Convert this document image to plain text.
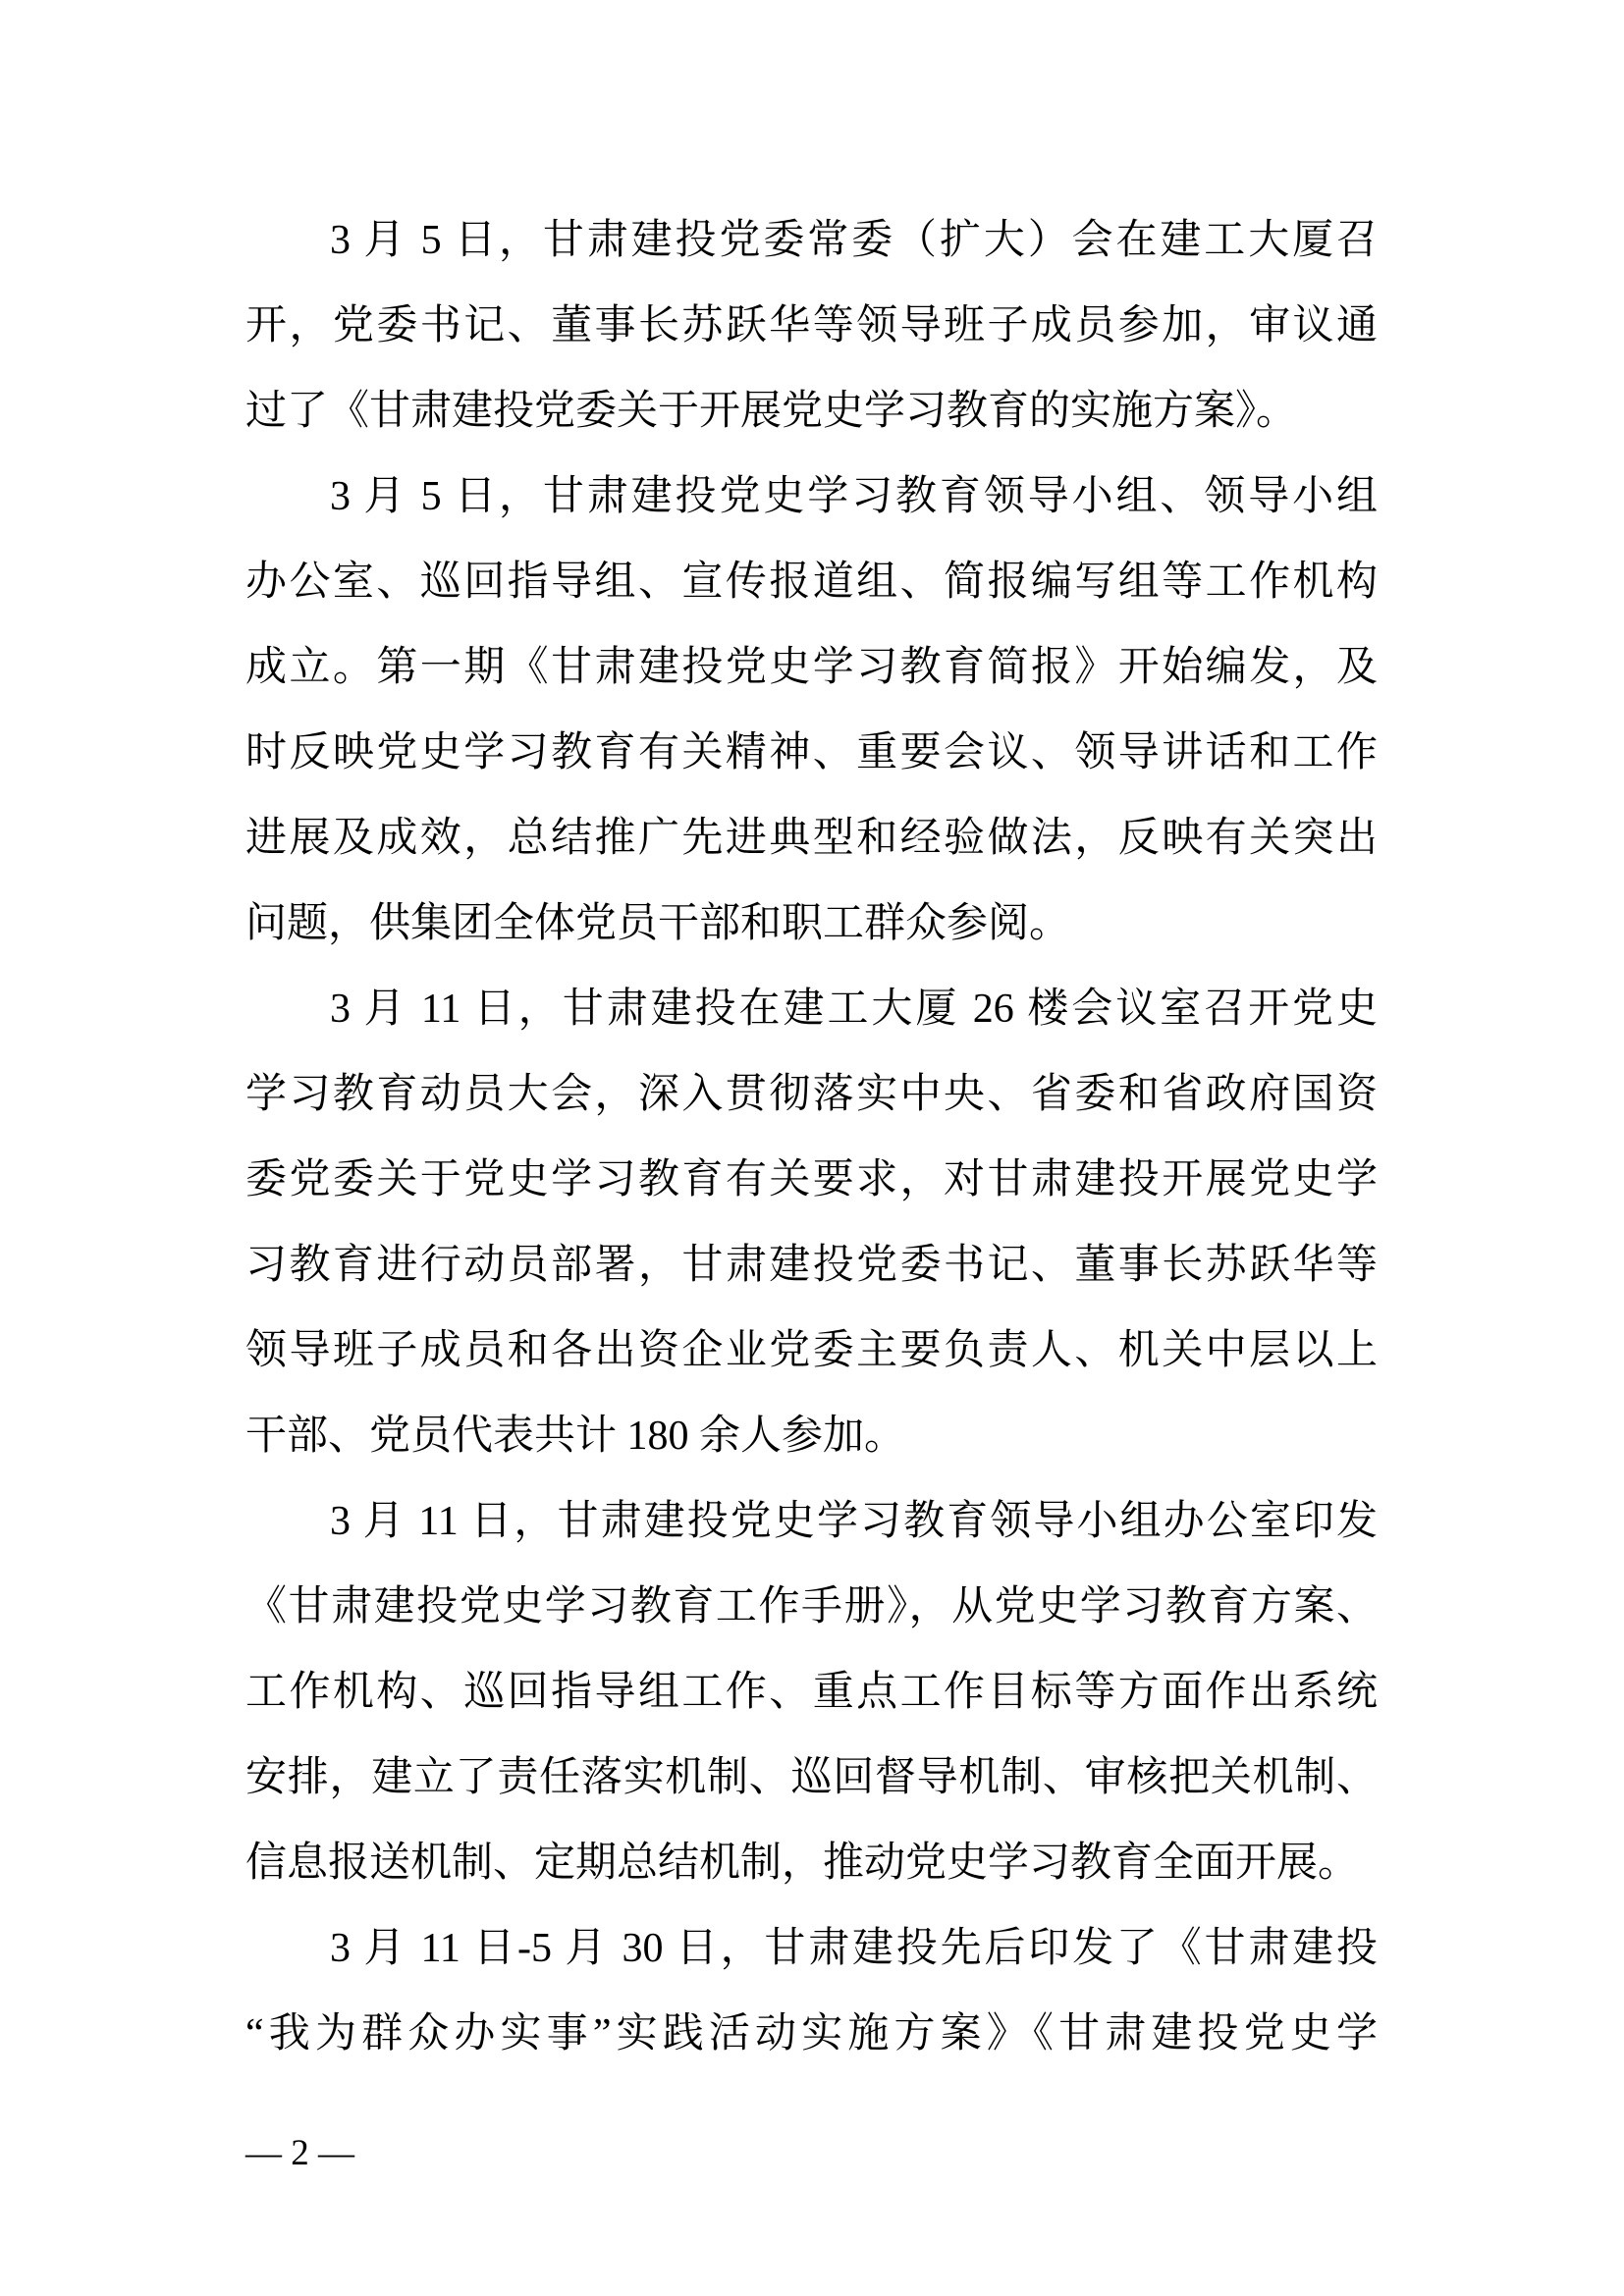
3 月 5 日，甘肃建投党委常委（扩大）会在建工大厦召
开，党委书记、董事长苏跃华等领导班子成员参加，审议通
过了《甘肃建投党委关于开展党史学习教育的实施方案》。
3 月 5 日，甘肃建投党史学习教育领导小组、领导小组
办公室、巡回指导组、宣传报道组、简报编写组等工作机构
成立。第一期《甘肃建投党史学习教育简报》开始编发，及
时反映党史学习教育有关精神、重要会议、领导讲话和工作
进展及成效，总结推广先进典型和经验做法，反映有关突出
问题，供集团全体党员干部和职工群众参阅。
3 月 11 日，甘肃建投在建工大厦 26 楼会议室召开党史
学习教育动员大会，深入贯彻落实中央、省委和省政府国资
委党委关于党史学习教育有关要求，对甘肃建投开展党史学
习教育进行动员部署，甘肃建投党委书记、董事长苏跃华等
领导班子成员和各出资企业党委主要负责人、机关中层以上
干部、党员代表共计 180 余人参加。
3 月 11 日，甘肃建投党史学习教育领导小组办公室印发
《甘肃建投党史学习教育工作手册》，从党史学习教育方案、
工作机构、巡回指导组工作、重点工作目标等方面作出系统
安排，建立了责任落实机制、巡回督导机制、审核把关机制、
信息报送机制、定期总结机制，推动党史学习教育全面开展。
3 月 11 日-5 月 30 日，甘肃建投先后印发了《甘肃建投
“我为群众办实事”实践活动实施方案》《甘肃建投党史学
— 2 —
